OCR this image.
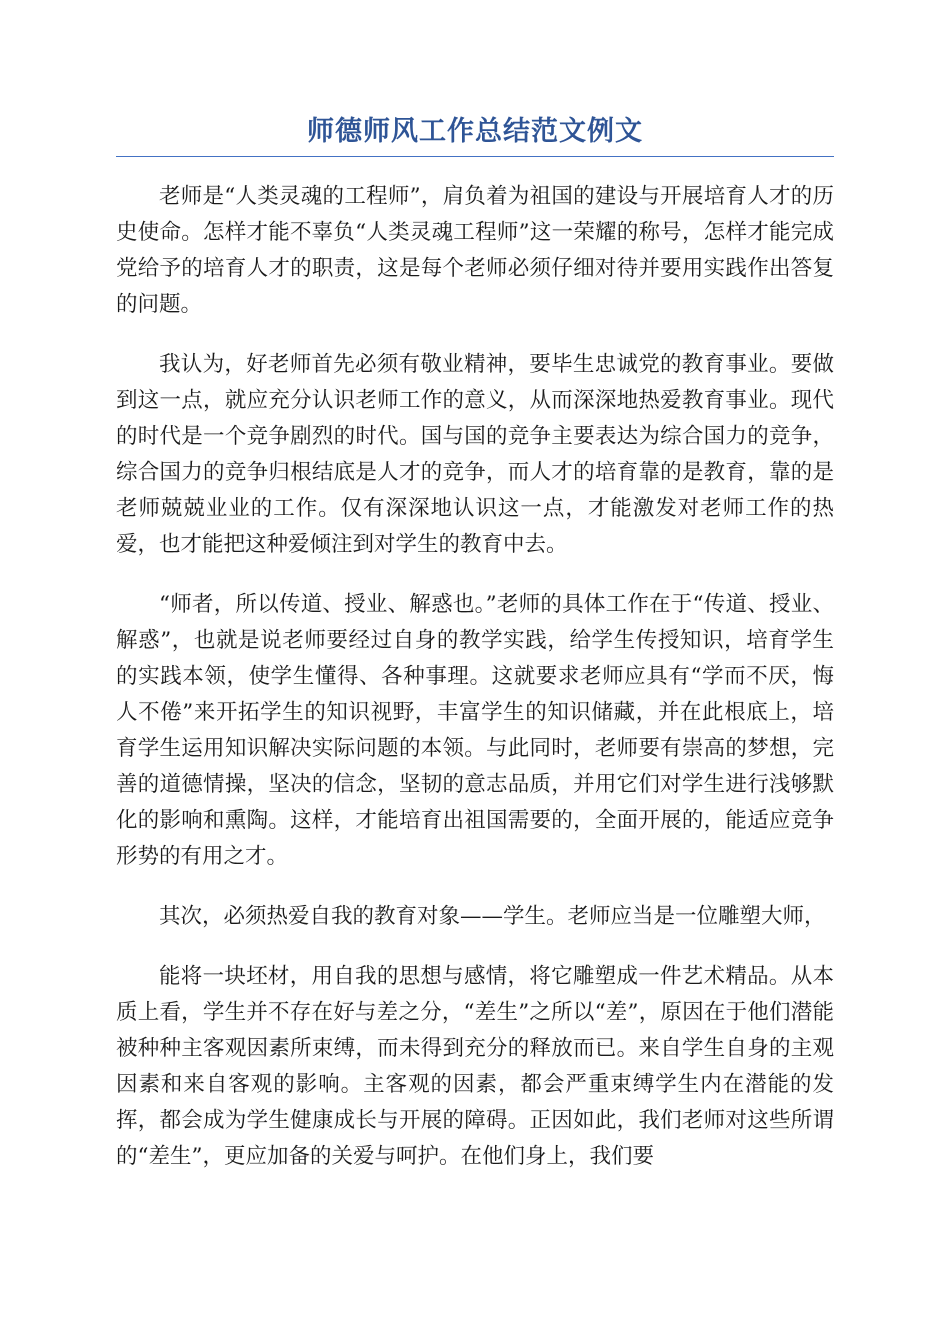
师德师风工作总结范文例文

老师是“人类灵魂的工程师”，肩负着为祖国的建设与开展培育人才的历史使命。怎样才能不辜负“人类灵魂工程师”这一荣耀的称号，怎样才能完成党给予的培育人才的职责，这是每个老师必须仔细对待并要用实践作出答复的问题。

我认为，好老师首先必须有敬业精神，要毕生忠诚党的教育事业。要做到这一点，就应充分认识老师工作的意义，从而深深地热爱教育事业。现代的时代是一个竞争剧烈的时代。国与国的竞争主要表达为综合国力的竞争，综合国力的竞争归根结底是人才的竞争，而人才的培育靠的是教育，靠的是老师兢兢业业的工作。仅有深深地认识这一点，才能激发对老师工作的热爱，也才能把这种爱倾注到对学生的教育中去。

“师者，所以传道、授业、解惑也。”老师的具体工作在于“传道、授业、解惑”，也就是说老师要经过自身的教学实践，给学生传授知识，培育学生的实践本领，使学生懂得、各种事理。这就要求老师应具有“学而不厌，悔人不倦”来开拓学生的知识视野，丰富学生的知识储藏，并在此根底上，培育学生运用知识解决实际问题的本领。与此同时，老师要有崇高的梦想，完善的道德情操，坚决的信念，坚韧的意志品质，并用它们对学生进行浅够默化的影响和熏陶。这样，才能培育出祖国需要的，全面开展的，能适应竞争形势的有用之才。

其次，必须热爱自我的教育对象——学生。老师应当是一位雕塑大师，

能将一块坯材，用自我的思想与感情，将它雕塑成一件艺术精品。从本质上看，学生并不存在好与差之分，“差生”之所以“差”，原因在于他们潜能被种种主客观因素所束缚，而未得到充分的释放而已。来自学生自身的主观因素和来自客观的影响。主客观的因素，都会严重束缚学生内在潜能的发挥，都会成为学生健康成长与开展的障碍。正因如此，我们老师对这些所谓的“差生”，更应加备的关爱与呵护。在他们身上，我们要
